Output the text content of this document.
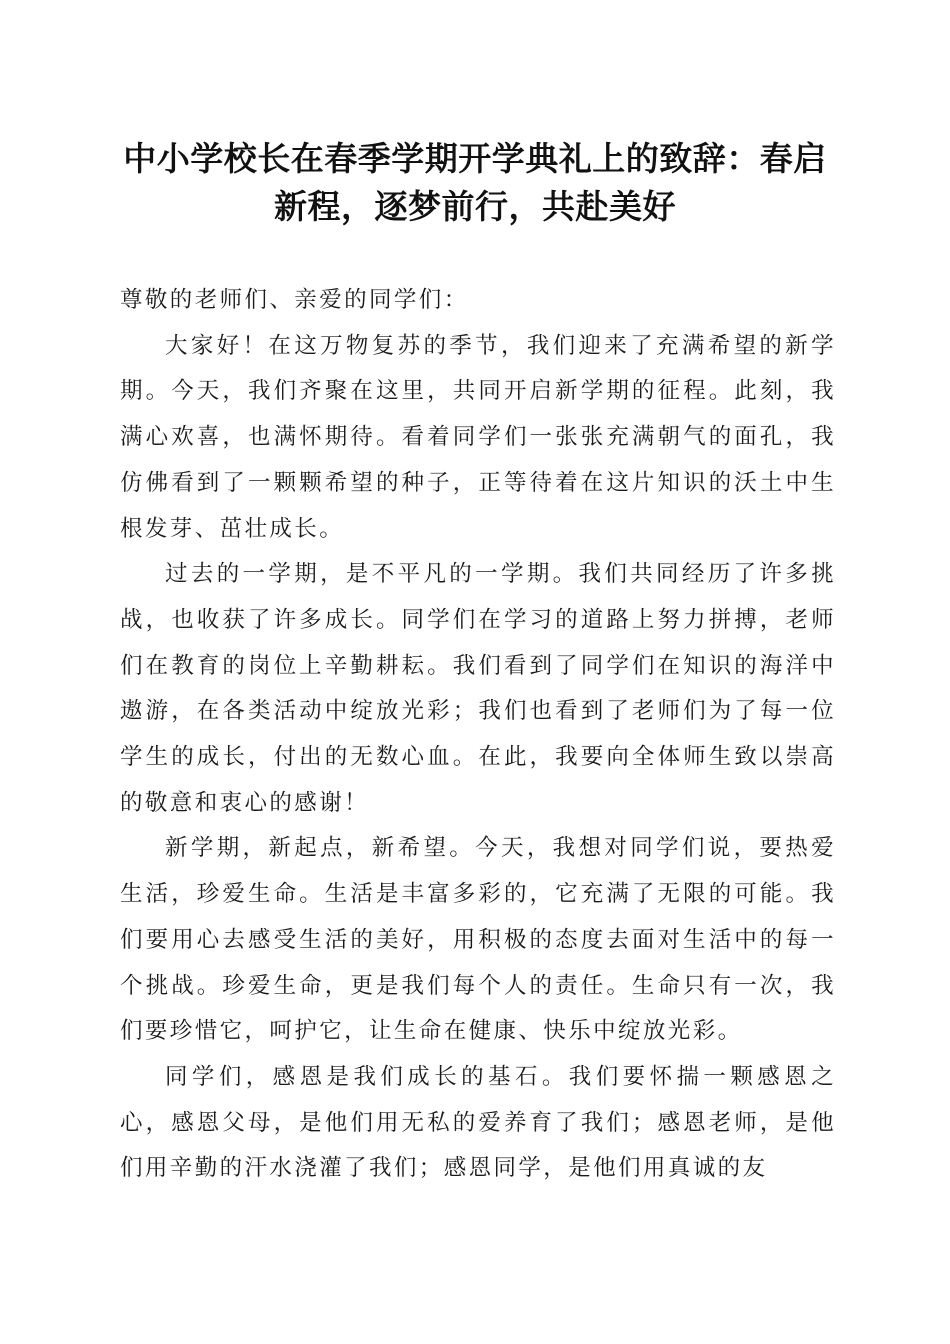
中小学校长在春季学期开学典礼上的致辞：春启新程，逐梦前行，共赴美好

尊敬的老师们、亲爱的同学们：

大家好！在这万物复苏的季节，我们迎来了充满希望的新学期。今天，我们齐聚在这里，共同开启新学期的征程。此刻，我满心欢喜，也满怀期待。看着同学们一张张充满朝气的面孔，我仿佛看到了一颗颗希望的种子，正等待着在这片知识的沃土中生根发芽、茁壮成长。

过去的一学期，是不平凡的一学期。我们共同经历了许多挑战，也收获了许多成长。同学们在学习的道路上努力拼搏，老师们在教育的岗位上辛勤耕耘。我们看到了同学们在知识的海洋中遨游，在各类活动中绽放光彩；我们也看到了老师们为了每一位学生的成长，付出的无数心血。在此，我要向全体师生致以崇高的敬意和衷心的感谢！

新学期，新起点，新希望。今天，我想对同学们说，要热爱生活，珍爱生命。生活是丰富多彩的，它充满了无限的可能。我们要用心去感受生活的美好，用积极的态度去面对生活中的每一个挑战。珍爱生命，更是我们每个人的责任。生命只有一次，我们要珍惜它，呵护它，让生命在健康、快乐中绽放光彩。

同学们，感恩是我们成长的基石。我们要怀揣一颗感恩之心，感恩父母，是他们用无私的爱养育了我们；感恩老师，是他们用辛勤的汗水浇灌了我们；感恩同学，是他们用真诚的友
